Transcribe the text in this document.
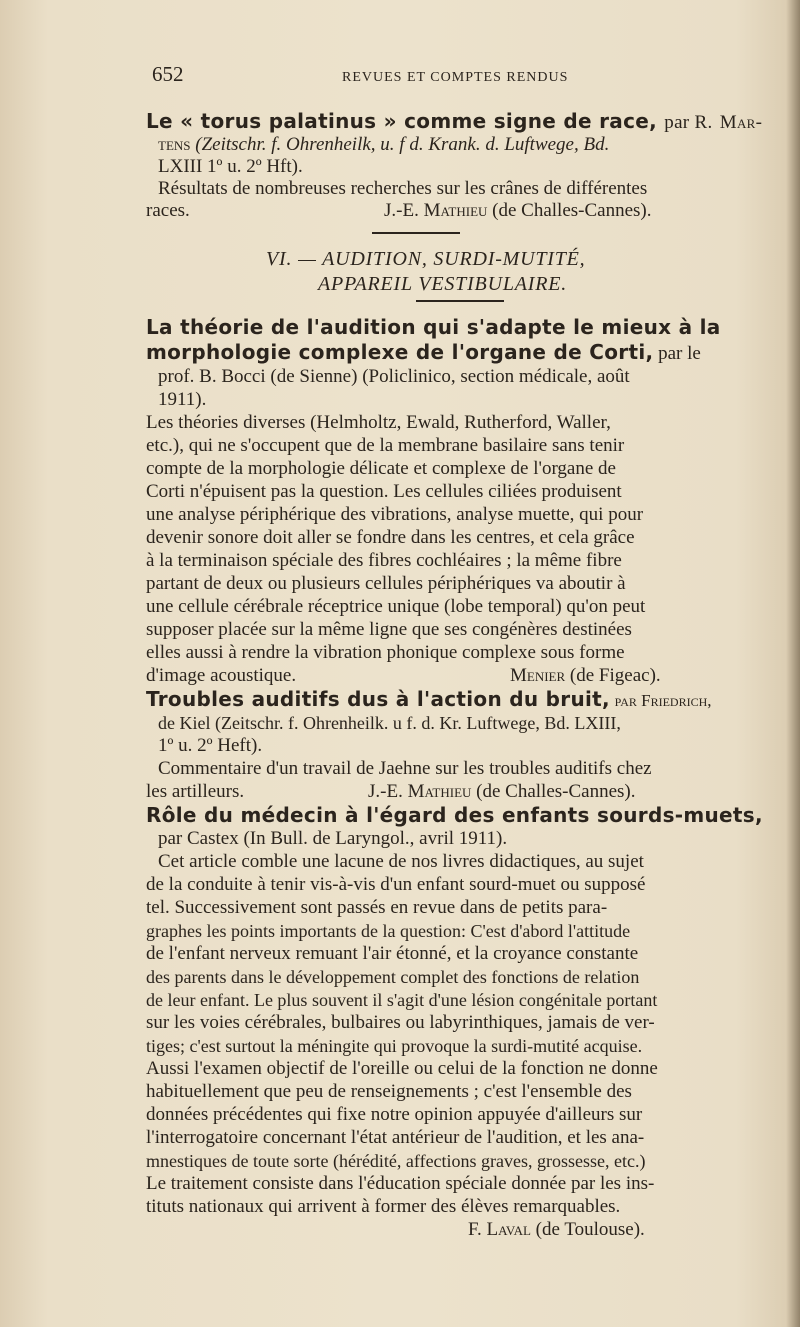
652	REVUES ET COMPTES RENDUS
Le « torus palatinus » comme signe de race, par R. Mar-
tens (Zeitschr. f. Ohrenheilk, u. f d. Krank. d. Luftwege, Bd.
LXIII 1º u. 2º Hft).
Résultats de nombreuses recherches sur les crânes de différentes
races.	J.-E. Mathieu (de Challes-Cannes).
VI. — AUDITION, SURDI-MUTITÉ,
APPAREIL VESTIBULAIRE.
La théorie de l'audition qui s'adapte le mieux à la
morphologie complexe de l'organe de Corti, par le
prof. B. Bocci (de Sienne) (Policlinico, section médicale, août
1911).
Les théories diverses (Helmholtz, Ewald, Rutherford, Waller,
etc.), qui ne s'occupent que de la membrane basilaire sans tenir
compte de la morphologie délicate et complexe de l'organe de
Corti n'épuisent pas la question. Les cellules ciliées produisent
une analyse périphérique des vibrations, analyse muette, qui pour
devenir sonore doit aller se fondre dans les centres, et cela grâce
à la terminaison spéciale des fibres cochléaires ; la même fibre
partant de deux ou plusieurs cellules périphériques va aboutir à
une cellule cérébrale réceptrice unique (lobe temporal) qu'on peut
supposer placée sur la même ligne que ses congénères destinées
elles aussi à rendre la vibration phonique complexe sous forme
d'image acoustique.	Menier (de Figeac).
Troubles auditifs dus à l'action du bruit, par Friedrich,
de Kiel (Zeitschr. f. Ohrenheilk. u f. d. Kr. Luftwege, Bd. LXIII,
1º u. 2º Heft).
Commentaire d'un travail de Jaehne sur les troubles auditifs chez
les artilleurs.	J.-E. Mathieu (de Challes-Cannes).
Rôle du médecin à l'égard des enfants sourds-muets,
par Castex (In Bull. de Laryngol., avril 1911).
Cet article comble une lacune de nos livres didactiques, au sujet
de la conduite à tenir vis-à-vis d'un enfant sourd-muet ou supposé
tel. Successivement sont passés en revue dans de petits para-
graphes les points importants de la question: C'est d'abord l'attitude
de l'enfant nerveux remuant l'air étonné, et la croyance constante
des parents dans le développement complet des fonctions de relation
de leur enfant. Le plus souvent il s'agit d'une lésion congénitale portant
sur les voies cérébrales, bulbaires ou labyrinthiques, jamais de ver-
tiges; c'est surtout la méningite qui provoque la surdi-mutité acquise.
Aussi l'examen objectif de l'oreille ou celui de la fonction ne donne
habituellement que peu de renseignements ; c'est l'ensemble des
données précédentes qui fixe notre opinion appuyée d'ailleurs sur
l'interrogatoire concernant l'état antérieur de l'audition, et les ana-
mnestiques de toute sorte (hérédité, affections graves, grossesse, etc.)
Le traitement consiste dans l'éducation spéciale donnée par les ins-
tituts nationaux qui arrivent à former des élèves remarquables.
F. Laval (de Toulouse).
